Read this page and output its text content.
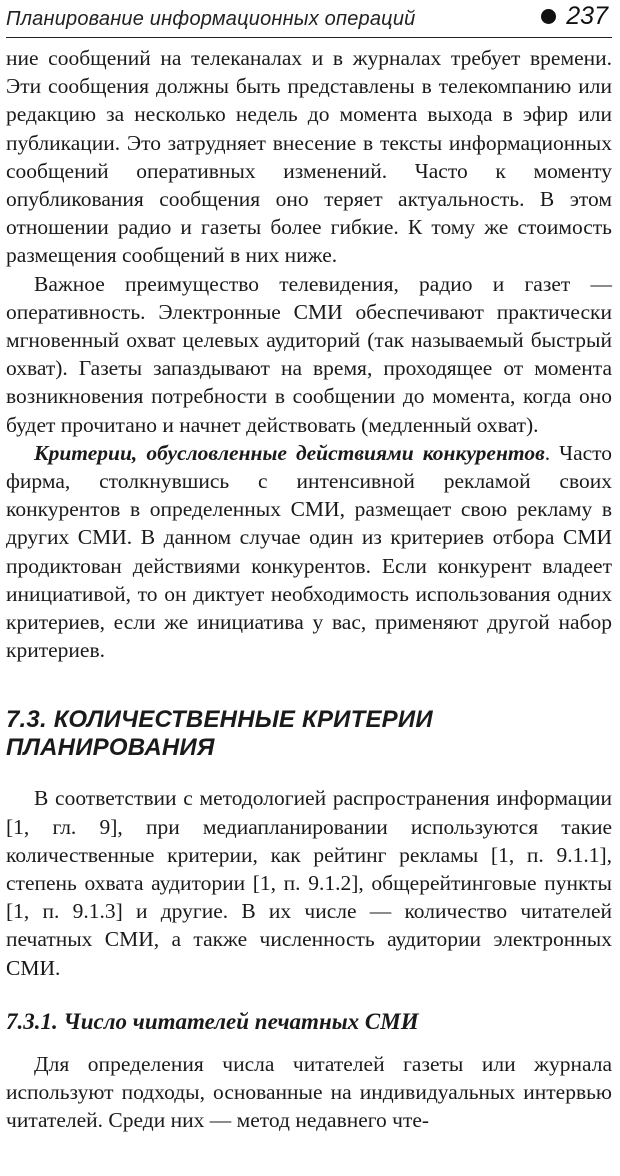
Планирование информационных операций	237

ние сообщений на телеканалах и в журналах требует времени. Эти сообщения должны быть представлены в телекомпанию или редакцию за несколько недель до момента выхода в эфир или публикации. Это затрудняет внесение в тексты информационных сообщений оперативных изменений. Часто к моменту опубликования сообщения оно теряет актуальность. В этом отношении радио и газеты более гибкие. К тому же стоимость размещения сообщений в них ниже.

Важное преимущество телевидения, радио и газет — оперативность. Электронные СМИ обеспечивают практически мгновенный охват целевых аудиторий (так называемый быстрый охват). Газеты запаздывают на время, проходящее от момента возникновения потребности в сообщении до момента, когда оно будет прочитано и начнет действовать (медленный охват).

Критерии, обусловленные действиями конкурентов. Часто фирма, столкнувшись с интенсивной рекламой своих конкурентов в определенных СМИ, размещает свою рекламу в других СМИ. В данном случае один из критериев отбора СМИ продиктован действиями конкурентов. Если конкурент владеет инициативой, то он диктует необходимость использования одних критериев, если же инициатива у вас, применяют другой набор критериев.

7.3. КОЛИЧЕСТВЕННЫЕ КРИТЕРИИ ПЛАНИРОВАНИЯ

В соответствии с методологией распространения информации [1, гл. 9], при медиапланировании используются такие количественные критерии, как рейтинг рекламы [1, п. 9.1.1], степень охвата аудитории [1, п. 9.1.2], общерейтинговые пункты [1, п. 9.1.3] и другие. В их числе — количество читателей печатных СМИ, а также численность аудитории электронных СМИ.

7.3.1. Число читателей печатных СМИ

Для определения числа читателей газеты или журнала используют подходы, основанные на индивидуальных интервью читателей. Среди них — метод недавнего чте-
